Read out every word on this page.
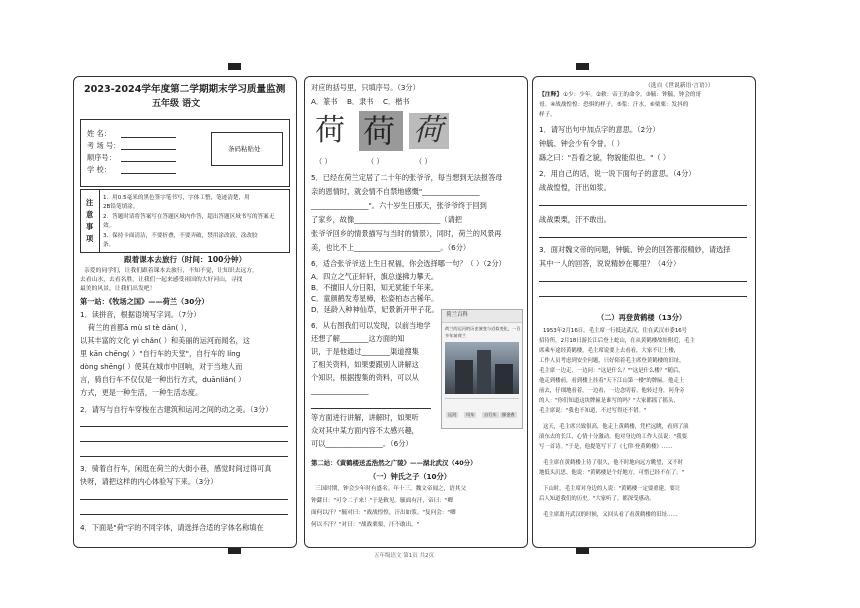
2023-2024学年度第二学期期末学习质量监测
五年级 语文
姓 名：
考 场 号：
顺序号：
学 校：
条码粘贴处
注
意
事
项
1．用0.5毫米的黑色签字笔书写，字体工整，笔迹清楚，用
2B铅笔填涂。
2．答题时请将答案写在答题区域内作答，超出答题区域书写的答案无
效。
3．保持卡面清洁，不要折叠，不要弄破，禁用涂改液，涂改胶
条。
跟着课本去旅行（时间：100分钟）
亲爱的同学们，让我们跟着课本去旅行，不知不觉，让知识去远方，
去看山水，去看名胜，让我们一起来感受祖国的大好河山，寻找
最美的风景，让我们出发吧！
第一站：《牧场之国》——荷兰（30分）
1．读拼音，根据语境写字词。（7分）
荷兰的首都ā mù sī tè dān( ），
以其丰富的文化 yì chǎn( ）和美丽的运河而闻名，这
里 kān chēng( ）"自行车的天堂"，自行车的 líng
dòng shēng( ）使其在城市中回响，对于当地人而
言，骑自行车不仅仅是一种出行方式，duānlíán( ）
方式，更是一种生活，一种生活态度。
2．请写与自行车穿梭在古建筑和运河之间的动之美。（3分）
3．骑着自行车，闲逛在荷兰的大街小巷，感觉时间过得可真
快呀，请把这样的内心体验写下来。（3分）
4．下面是"荷"字的不同字体，请选择合适的字体名称填在
对应的括号里，只填序号。（3分）
A．篆书 B．隶书 C．楷书
荷 荷 荷
（ ）	（ ）	（ ）
5．已经在荷兰定居了二十年的张爷爷，每当想到无法报答母
亲的恩情时，就会情不自禁地感慨"________________
________________"。六十岁生日那天，张爷爷终于回到
了家乡，故像________________________（请把
张爷爷回乡的情景描写与当时的情景），同时，荷兰的风景再
美，也比不上________________________。（6分）
6．适合张爷爷送上生日祝福，你会选择哪一句？（ ）（2分）
A．四立之气正轩轩，旗总遂拂力攀天。
B．不擅旧人分日阳，知无犹能千年来。
C．童颜鹤发寿星樟，松姿柏态古稀年。
D．延龄入种神仙草，妃景新开甲子花。
6．从右图我们可以发现，以前当地学
还想了解________这方面的知
识，于是他通过________渠道搜集
了相关资料，如果要跟别人讲解这
个知识，根据搜集的资料，可以从
________________
等方面进行讲解，讲解时，如果听
众对其中某方面内容不太感兴趣，
可以________________。（6分）
荷兰百科
荷兰的运河的历史演变与近似变化，一百
多年前荷兰
运河	风车	自行车	郁金香
第二站：《黄鹤楼送孟浩然之广陵》——湖北武汉（40分）
（一）钟氏之子（10分）
三国时期，钟会少年时有盛名。年十三，魏文帝闻之，语其父
钟繇曰："可令二子来！"于是敕见。毓面有汗，帝曰："卿
面何以汗？"毓对曰："战战惶惶，汗出如浆。"复问会："卿
何以不汗？"对曰："战战栗栗，汗不敢出。"
五年级语文 第1页 共2页
（选自《世说新语·言语》）
【注释】 ①少：少年。②敕：帝王的命令。③毓：钟毓，钟会的哥
哥。④战战惶惶：恐惧的样子。⑤浆：汗水。⑥栗栗：发抖的
样子。
1．请写出句中加点字的意思。（2分）
钟毓、钟会少有令誉。（ ）
繇之曰："吾看之貌，物貌能似也。"（ ）
2．用自己的话，说一说下面句子的意思。（4分）
战战惶惶，汗出如浆。
战战栗栗，汗不敢出。
3．面对魏文帝的问题，钟毓、钟会的回答都很精妙，请选择
其中一人的回答，说说精妙在哪里？（4分）
（二）再登黄鹤楼（13分）
1953年2月16日，毛主席一行抵达武汉，住在武汉市委16号
招待所。2月18日游长江后登上蛇山，在从黄鹤楼故址附近，毛主
席乘车途经黄鹤楼，毛主席说要上去看看，大家不让上楼，
工作人员考虑到安全问题，只好陪着毛主席登黄鹤楼的旧址，
毛主席一边走，一边问："这是什么？""这是什么楼？"随后，
他走到楼前，看到楼上挂着"天下江山第一楼"的牌匾。他走上
前去，仔细地看着，一边看，一边念叨着。他转过身，问身旁
的人："你们知道这块牌匾是谁写的吗？"大家都摇了摇头，
毛主席说："我也不知道，不过写得还不错。"
这天，毛主席兴致很高，他走上黄鹤楼，凭栏远眺，看到了滚
滚东去的长江，心情十分激动。他对身边的工作人员说："我要
写一首诗。"于是，他提笔写下了《七律·登黄鹤楼》……
毛主席在黄鹤楼上待了很久，他不时地向远方眺望，又不时
地低头沉思。他说："黄鹤楼是个好地方，可惜已经不在了。"
下山时，毛主席对身边的人说："黄鹤楼一定要重建，要让
后人知道我们的历史。"大家听了，都深受感动。
毛主席离开武汉的时候，又回头看了看黄鹤楼的旧址……
